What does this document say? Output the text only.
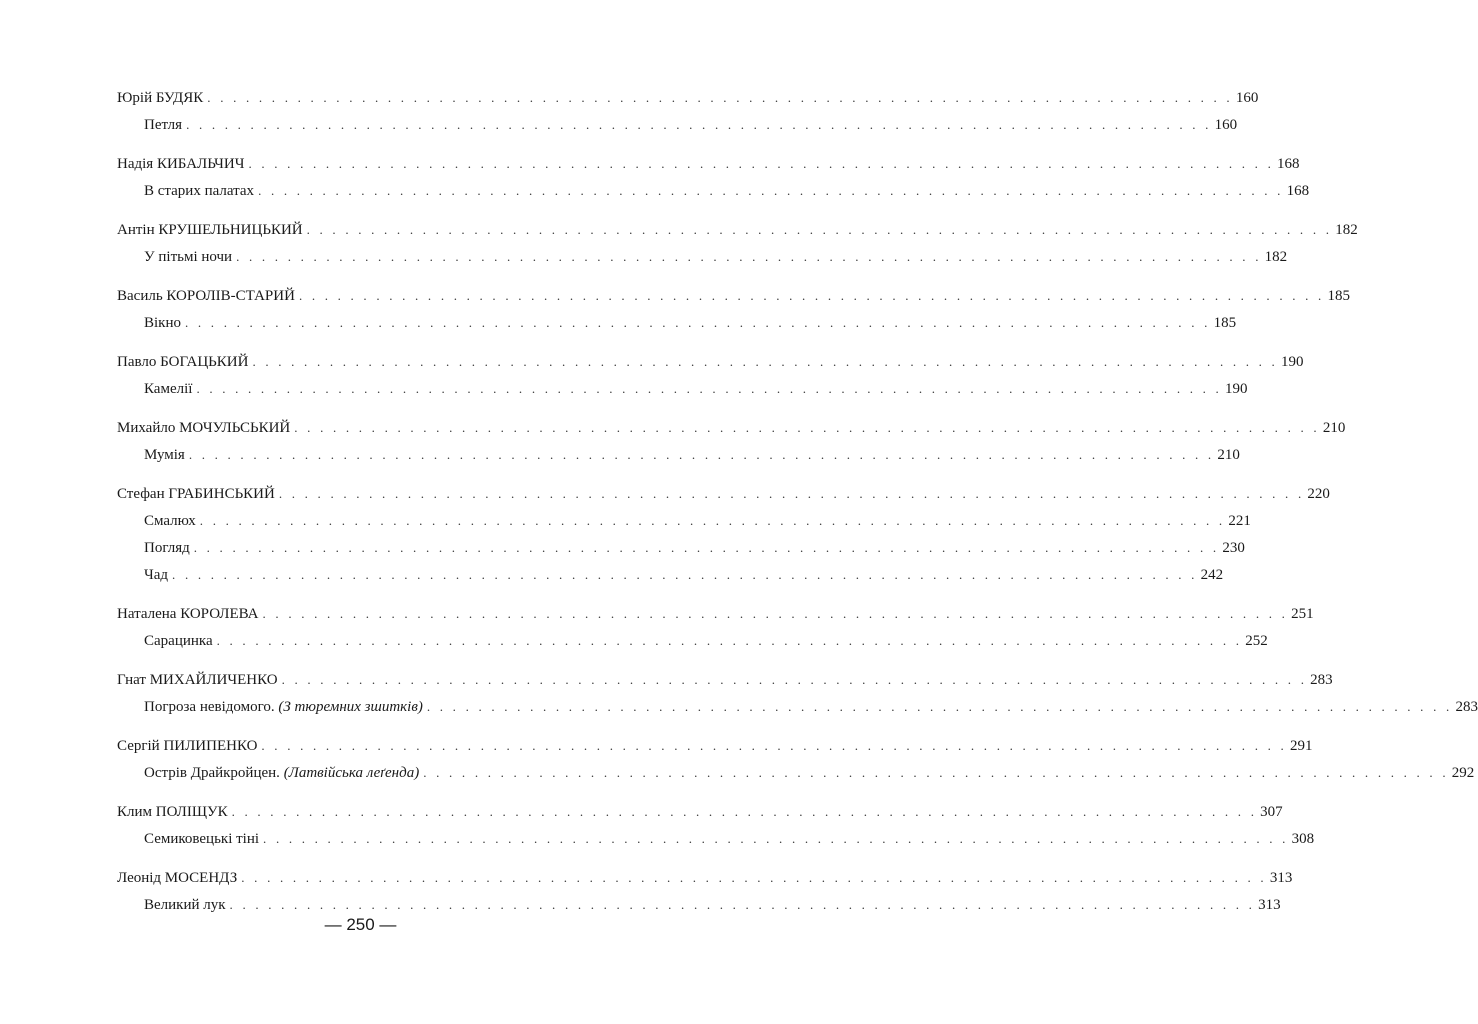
Юрій БУДЯК . . . . . . . . . . . . . . . . . . . . . . . . . . . . . . . . . . . . . . . . . . . . . . . . . . . . . . . . . . . . . . . . . . . . . . . . . . . . . . . . 160
Петля . . . . . . . . . . . . . . . . . . . . . . . . . . . . . . . . . . . . . . . . . . . . . . . . . . . . . . . . . . . . . . . . . . . . . . . . . . . . . . . . 160
Надія КИБАЛЬЧИЧ . . . . . . . . . . . . . . . . . . . . . . . . . . . . . . . . . . . . . . . . . . . . . . . . . . . . . . . . . . . . . . . . . . . . . . . . . . . . . . . . 168
В старих палатах . . . . . . . . . . . . . . . . . . . . . . . . . . . . . . . . . . . . . . . . . . . . . . . . . . . . . . . . . . . . . . . . . . . . . . . . . . . . . . . . 168
Антін КРУШЕЛЬНИЦЬКИЙ . . . . . . . . . . . . . . . . . . . . . . . . . . . . . . . . . . . . . . . . . . . . . . . . . . . . . . . . . . . . . . . . . . . . . . . . . . . . . . . . 182
У пітьмі ночи . . . . . . . . . . . . . . . . . . . . . . . . . . . . . . . . . . . . . . . . . . . . . . . . . . . . . . . . . . . . . . . . . . . . . . . . . . . . . . . . 182
Василь КОРОЛІВ-СТАРИЙ . . . . . . . . . . . . . . . . . . . . . . . . . . . . . . . . . . . . . . . . . . . . . . . . . . . . . . . . . . . . . . . . . . . . . . . . . . . . . . . . 185
Вікно . . . . . . . . . . . . . . . . . . . . . . . . . . . . . . . . . . . . . . . . . . . . . . . . . . . . . . . . . . . . . . . . . . . . . . . . . . . . . . . . 185
Павло БОГАЦЬКИЙ . . . . . . . . . . . . . . . . . . . . . . . . . . . . . . . . . . . . . . . . . . . . . . . . . . . . . . . . . . . . . . . . . . . . . . . . . . . . . . . . 190
Камелії . . . . . . . . . . . . . . . . . . . . . . . . . . . . . . . . . . . . . . . . . . . . . . . . . . . . . . . . . . . . . . . . . . . . . . . . . . . . . . . . 190
Михайло МОЧУЛЬСЬКИЙ . . . . . . . . . . . . . . . . . . . . . . . . . . . . . . . . . . . . . . . . . . . . . . . . . . . . . . . . . . . . . . . . . . . . . . . . . . . . . . . . 210
Мумія . . . . . . . . . . . . . . . . . . . . . . . . . . . . . . . . . . . . . . . . . . . . . . . . . . . . . . . . . . . . . . . . . . . . . . . . . . . . . . . . 210
Стефан ГРАБИНСЬКИЙ . . . . . . . . . . . . . . . . . . . . . . . . . . . . . . . . . . . . . . . . . . . . . . . . . . . . . . . . . . . . . . . . . . . . . . . . . . . . . . . . 220
Смалюх . . . . . . . . . . . . . . . . . . . . . . . . . . . . . . . . . . . . . . . . . . . . . . . . . . . . . . . . . . . . . . . . . . . . . . . . . . . . . . . . 221
Погляд . . . . . . . . . . . . . . . . . . . . . . . . . . . . . . . . . . . . . . . . . . . . . . . . . . . . . . . . . . . . . . . . . . . . . . . . . . . . . . . . 230
Чад . . . . . . . . . . . . . . . . . . . . . . . . . . . . . . . . . . . . . . . . . . . . . . . . . . . . . . . . . . . . . . . . . . . . . . . . . . . . . . . . 242
Наталена КОРОЛЕВА . . . . . . . . . . . . . . . . . . . . . . . . . . . . . . . . . . . . . . . . . . . . . . . . . . . . . . . . . . . . . . . . . . . . . . . . . . . . . . . . 251
Сарацинка . . . . . . . . . . . . . . . . . . . . . . . . . . . . . . . . . . . . . . . . . . . . . . . . . . . . . . . . . . . . . . . . . . . . . . . . . . . . . . . . 252
Гнат МИХАЙЛИЧЕНКО . . . . . . . . . . . . . . . . . . . . . . . . . . . . . . . . . . . . . . . . . . . . . . . . . . . . . . . . . . . . . . . . . . . . . . . . . . . . . . . . 283
Погроза невідомого. (З тюремних зшитків) . . . . . . . . . . . . . . . . . . . . . . . . . . . . . . . . . . . . . . . . . . . . . . . . . . . . . . . . . . . . . . . . . . . . . . . . . . . . . . . . 283
Сергій ПИЛИПЕНКО . . . . . . . . . . . . . . . . . . . . . . . . . . . . . . . . . . . . . . . . . . . . . . . . . . . . . . . . . . . . . . . . . . . . . . . . . . . . . . . . 291
Острів Драйкройцен. (Латвійська леґенда) . . . . . . . . . . . . . . . . . . . . . . . . . . . . . . . . . . . . . . . . . . . . . . . . . . . . . . . . . . . . . . . . . . . . . . . . . . . . . . . . 292
Клим ПОЛІЩУК . . . . . . . . . . . . . . . . . . . . . . . . . . . . . . . . . . . . . . . . . . . . . . . . . . . . . . . . . . . . . . . . . . . . . . . . . . . . . . . . 307
Семиковецькі тіні . . . . . . . . . . . . . . . . . . . . . . . . . . . . . . . . . . . . . . . . . . . . . . . . . . . . . . . . . . . . . . . . . . . . . . . . . . . . . . . . 308
Леонід МОСЕНДЗ . . . . . . . . . . . . . . . . . . . . . . . . . . . . . . . . . . . . . . . . . . . . . . . . . . . . . . . . . . . . . . . . . . . . . . . . . . . . . . . . 313
Великий лук . . . . . . . . . . . . . . . . . . . . . . . . . . . . . . . . . . . . . . . . . . . . . . . . . . . . . . . . . . . . . . . . . . . . . . . . . . . . . . . . 313
— 250 —
